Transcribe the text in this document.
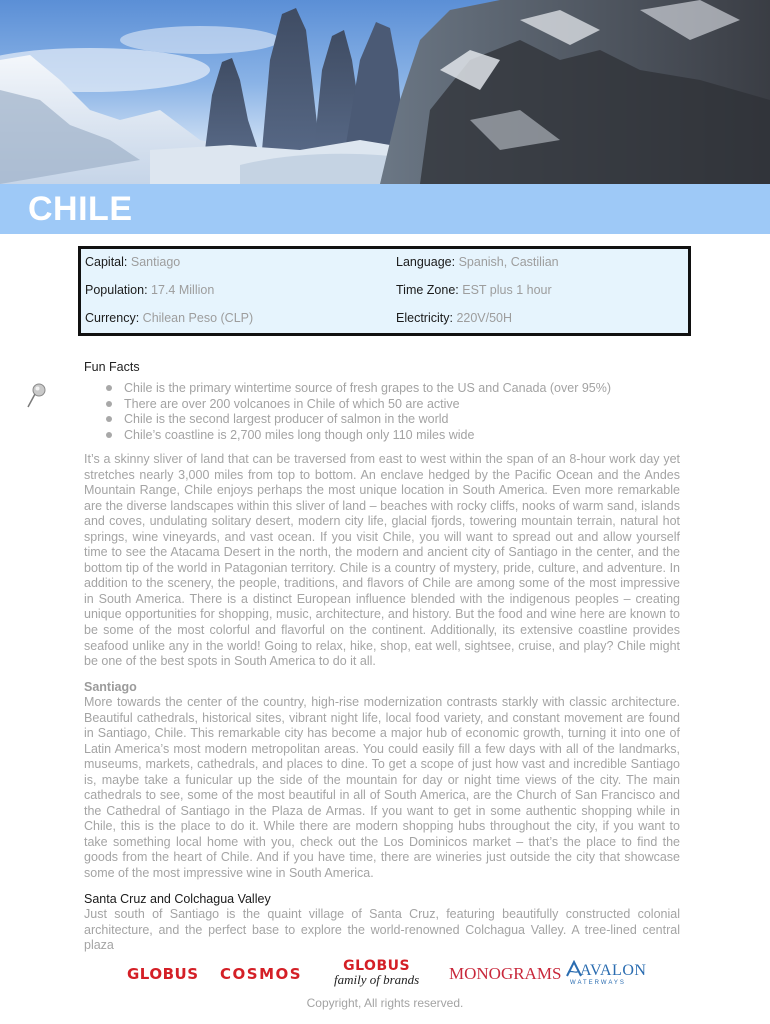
CHILE
Capital: Santiago	Language: Spanish, Castilian
Population: 17.4 Million	Time Zone: EST plus 1 hour
Currency: Chilean Peso (CLP)	Electricity: 220V/50H
Fun Facts
Chile is the primary wintertime source of fresh grapes to the US and Canada (over 95%)
There are over 200 volcanoes in Chile of which 50 are active
Chile is the second largest producer of salmon in the world
Chile’s coastline is 2,700 miles long though only 110 miles wide

It’s a skinny sliver of land that can be traversed from east to west within the span of an 8-hour work day yet stretches nearly 3,000 miles from top to bottom. An enclave hedged by the Pacific Ocean and the Andes Mountain Range, Chile enjoys perhaps the most unique location in South America. Even more remarkable are the diverse landscapes within this sliver of land – beaches with rocky cliffs, nooks of warm sand, islands and coves, undulating solitary desert, modern city life, glacial fjords, towering mountain terrain, natural hot springs, wine vineyards, and vast ocean. If you visit Chile, you will want to spread out and allow yourself time to see the Atacama Desert in the north, the modern and ancient city of Santiago in the center, and the bottom tip of the world in Patagonian territory. Chile is a country of mystery, pride, culture, and adventure. In addition to the scenery, the people, traditions, and flavors of Chile are among some of the most impressive in South America. There is a distinct European influence blended with the indigenous peoples – creating unique opportunities for shopping, music, architecture, and history. But the food and wine here are known to be some of the most colorful and flavorful on the continent. Additionally, its extensive coastline provides seafood unlike any in the world! Going to relax, hike, shop, eat well, sightsee, cruise, and play? Chile might be one of the best spots in South America to do it all.

Santiago

More towards the center of the country, high-rise modernization contrasts starkly with classic architecture. Beautiful cathedrals, historical sites, vibrant night life, local food variety, and constant movement are found in Santiago, Chile. This remarkable city has become a major hub of economic growth, turning it into one of Latin America’s most modern metropolitan areas. You could easily fill a few days with all of the landmarks, museums, markets, cathedrals, and places to dine. To get a scope of just how vast and incredible Santiago is, maybe take a funicular up the side of the mountain for day or night time views of the city. The main cathedrals to see, some of the most beautiful in all of South America, are the Church of San Francisco and the Cathedral of Santiago in the Plaza de Armas. If you want to get in some authentic shopping while in Chile, this is the place to do it. While there are modern shopping hubs throughout the city, if you want to take something local home with you, check out the Los Dominicos market – that’s the place to find the goods from the heart of Chile. And if you have time, there are wineries just outside the city that showcase some of the most impressive wine in South America.

Santa Cruz and Colchagua Valley

Just south of Santiago is the quaint village of Santa Cruz, featuring beautifully constructed colonial architecture, and the perfect base to explore the world-renowned Colchagua Valley. A tree-lined central plaza

GLOBUS COSMOS	GLOBUS
family of brands MONOGRAMS AVALON
WATERWAYS
Copyright, All rights reserved.
